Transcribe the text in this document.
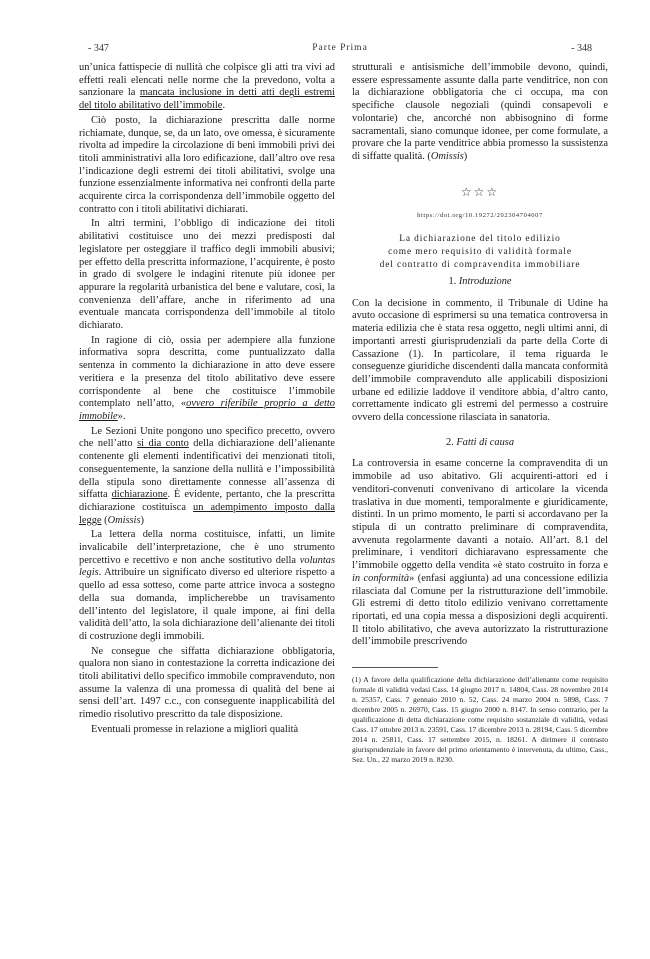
- 347	Parte Prima	- 348

un’unica fattispecie di nullità che colpisce gli atti tra vivi ad effetti reali elencati nelle norme che la prevedono, volta a sanzionare la mancata inclusione in detti atti degli estremi del titolo abilitativo dell’immobile.

Ciò posto, la dichiarazione prescritta dalle norme richiamate, dunque, se, da un lato, ove omessa, è sicuramente rivolta ad impedire la circolazione di beni immobili privi dei titoli amministrativi alla loro edificazione, dall’altro ove resa l’indicazione degli estremi dei titoli abilitativi, svolge una funzione essenzialmente informativa nei confronti della parte acquirente circa la corrispondenza dell’immobile oggetto del contratto con i titoli abilitativi dichiarati.

In altri termini, l’obbligo di indicazione dei titoli abilitativi costituisce uno dei mezzi predisposti dal legislatore per osteggiare il traffico degli immobili abusivi; per effetto della prescritta informazione, l’acquirente, è posto in grado di svolgere le indagini ritenute più idonee per appurare la regolarità urbanistica del bene e valutare, così, la convenienza dell’affare, anche in riferimento ad una eventuale mancata corrispondenza dell’immobile al titolo dichiarato.

In ragione di ciò, ossia per adempiere alla funzione informativa sopra descritta, come puntualizzato dalla sentenza in commento la dichiarazione in atto deve essere veritiera e la presenza del titolo abilitativo deve essere corrispondente al bene che costituisce l’immobile contemplato nell’atto, «ovvero riferibile proprio a detto immobile».

Le Sezioni Unite pongono uno specifico precetto, ovvero che nell’atto si dia conto della dichiarazione dell’alienante contenente gli elementi indentificativi dei menzionati titoli, conseguentemente, la sanzione della nullità e l’impossibilità della stipula sono direttamente connesse all’assenza di siffatta dichiarazione. È evidente, pertanto, che la prescritta dichiarazione costituisca un adempimento imposto dalla legge (Omissis)

La lettera della norma costituisce, infatti, un limite invalicabile dell’interpretazione, che è uno strumento percettivo e recettivo e non anche sostitutivo della voluntas legis. Attribuire un significato diverso ed ulteriore rispetto a quello ad essa sotteso, come parte attrice invoca a sostegno della sua domanda, implicherebbe un travisamento dell’intento del legislatore, il quale impone, ai fini della validità dell’atto, la sola dichiarazione dell’alienante dei titoli di costruzione degli immobili.

Ne consegue che siffatta dichiarazione obbligatoria, qualora non siano in contestazione la corretta indicazione dei titoli abilitativi dello specifico immobile compravenduto, non assume la valenza di una promessa di qualità del bene ai sensi dell’art. 1497 c.c., con conseguente inapplicabilità del rimedio risolutivo prescritto da tale disposizione.

Eventuali promesse in relazione a migliori qualità

strutturali e antisismiche dell’immobile devono, quindi, essere espressamente assunte dalla parte venditrice, non con la dichiarazione obbligatoria che ci occupa, ma con specifiche clausole negoziali (quindi consapevoli e volontarie) che, ancorché non abbisognino di forme sacramentali, siano comunque idonee, per come formulate, a provare che la parte venditrice abbia promesso la sussistenza di siffatte qualità. (Omissis)

☆☆☆
https://doi.org/10.19272/202304704007
La dichiarazione del titolo edilizio
come mero requisito di validità formale
del contratto di compravendita immobiliare
1. Introduzione

Con la decisione in commento, il Tribunale di Udine ha avuto occasione di esprimersi su una tematica controversa in materia edilizia che è stata resa oggetto, negli ultimi anni, di importanti arresti giurisprudenziali da parte della Corte di Cassazione (1). In particolare, il tema riguarda le conseguenze giuridiche discendenti dalla mancata conformità dell’immobile compravenduto alle applicabili disposizioni urbane ed edilizie laddove il venditore abbia, d’altro canto, correttamente indicato gli estremi del permesso a costruire ovvero della concessione rilasciata in sanatoria.

2. Fatti di causa

La controversia in esame concerne la compravendita di un immobile ad uso abitativo. Gli acquirenti-attori ed i venditori-convenuti convenivano di articolare la vicenda traslativa in due momenti, temporalmente e giuridicamente, distinti. In un primo momento, le parti si accordavano per la stipula di un contratto preliminare di compravendita, avvenuta regolarmente davanti a notaio. All’art. 8.1 del preliminare, i venditori dichiaravano espressamente che l’immobile oggetto della vendita «è stato costruito in forza e in conformità» (enfasi aggiunta) ad una concessione edilizia rilasciata dal Comune per la ristrutturazione dell’immobile. Gli estremi di detto titolo edilizio venivano correttamente riportati, ed una copia messa a disposizioni degli acquirenti. Il titolo abilitativo, che aveva autorizzato la ristrutturazione dell’immobile prescrivendo

(1) A favore della qualificazione della dichiarazione dell’alienante come requisito formale di validità vedasi Cass. 14 giugno 2017 n. 14804, Cass. 28 novembre 2014 n. 25357, Cass. 7 gennaio 2010 n. 52, Cass. 24 marzo 2004 n. 5898, Cass. 7 dicembre 2005 n. 26970, Cass. 15 giugno 2000 n. 8147. In senso contrario, per la qualificazione di detta dichiarazione come requisito sostanziale di validità, vedasi Cass. 17 ottobre 2013 n. 23591, Cass. 17 dicembre 2013 n. 28194, Cass. 5 dicembre 2014 n. 25811, Cass. 17 settembre 2015, n. 18261. A dirimere il contrasto giurisprudenziale in favore del primo orientamento è intervenuta, da ultimo, Cass., Sez. Un., 22 marzo 2019 n. 8230.
